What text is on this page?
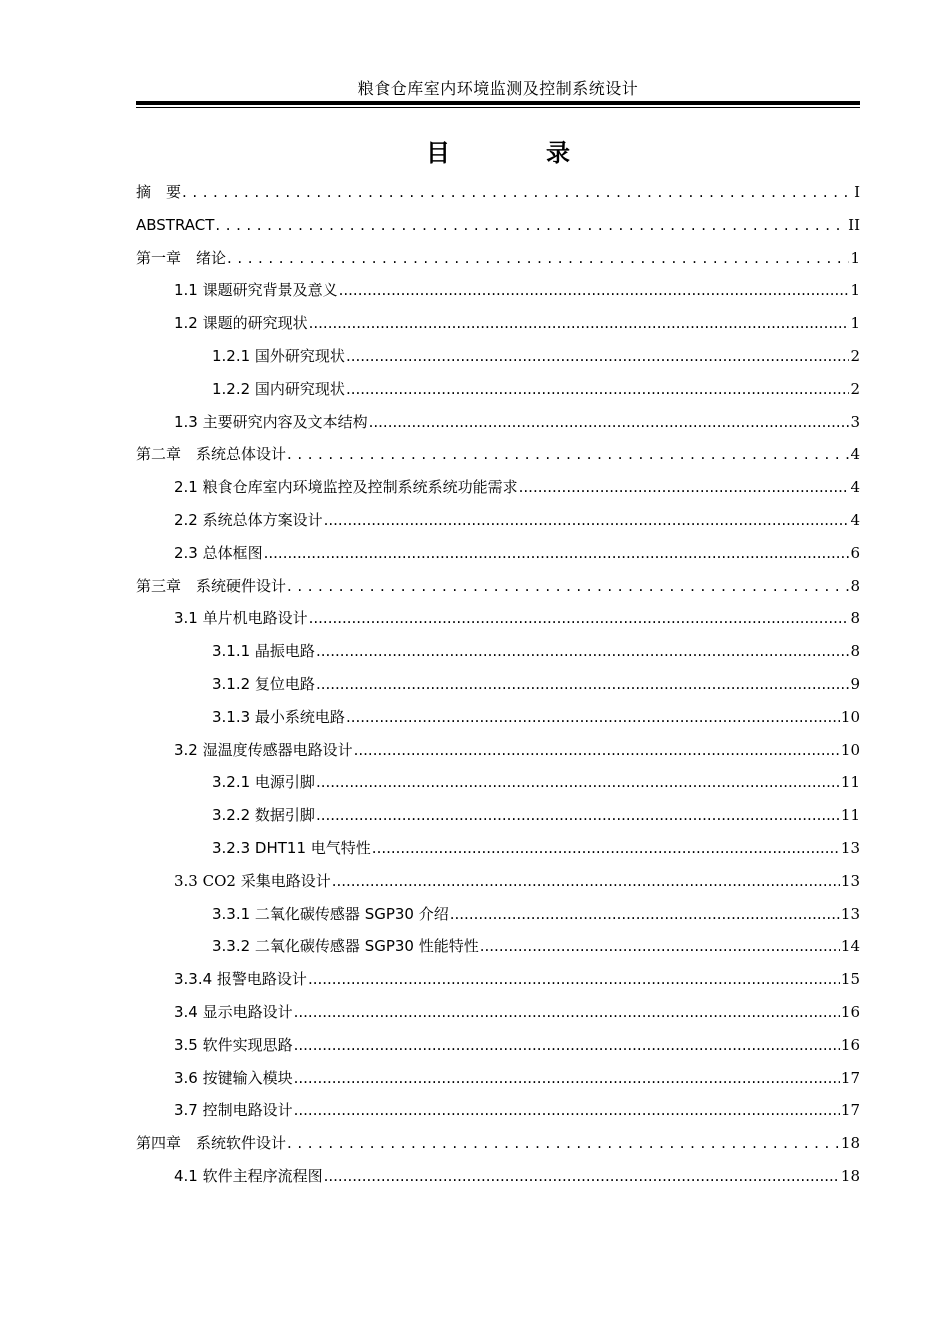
粮食仓库室内环境监测及控制系统设计
目　录
摘　要 . . .	I
ABSTRACT . . .	II
第一章　绪论 . . .	1
1.1 课题研究背景及意义 .....	1
1.2 课题的研究现状 .....	1
1.2.1 国外研究现状 .....	2
1.2.2 国内研究现状 .....	2
1.3 主要研究内容及文本结构 .....	3
第二章　系统总体设计 . . .	4
2.1 粮食仓库室内环境监控及控制系统系统功能需求 .....	4
2.2 系统总体方案设计 .....	4
2.3 总体框图 .....	6
第三章　系统硬件设计 . . .	8
3.1 单片机电路设计 .....	8
3.1.1 晶振电路 .....	8
3.1.2 复位电路 .....	9
3.1.3 最小系统电路 .....	10
3.2 湿温度传感器电路设计 .....	10
3.2.1 电源引脚 .....	11
3.2.2 数据引脚 .....	11
3.2.3 DHT11 电气特性 .....	13
3.3 CO2 采集电路设计 .....	13
3.3.1 二氧化碳传感器 SGP30 介绍 .....	13
3.3.2 二氧化碳传感器 SGP30 性能特性 .....	14
3.3.4 报警电路设计 .....	15
3.4 显示电路设计 .....	16
3.5 软件实现思路 .....	16
3.6 按键输入模块 .....	17
3.7 控制电路设计 .....	17
第四章　系统软件设计 . . .	18
4.1 软件主程序流程图 .....	18
